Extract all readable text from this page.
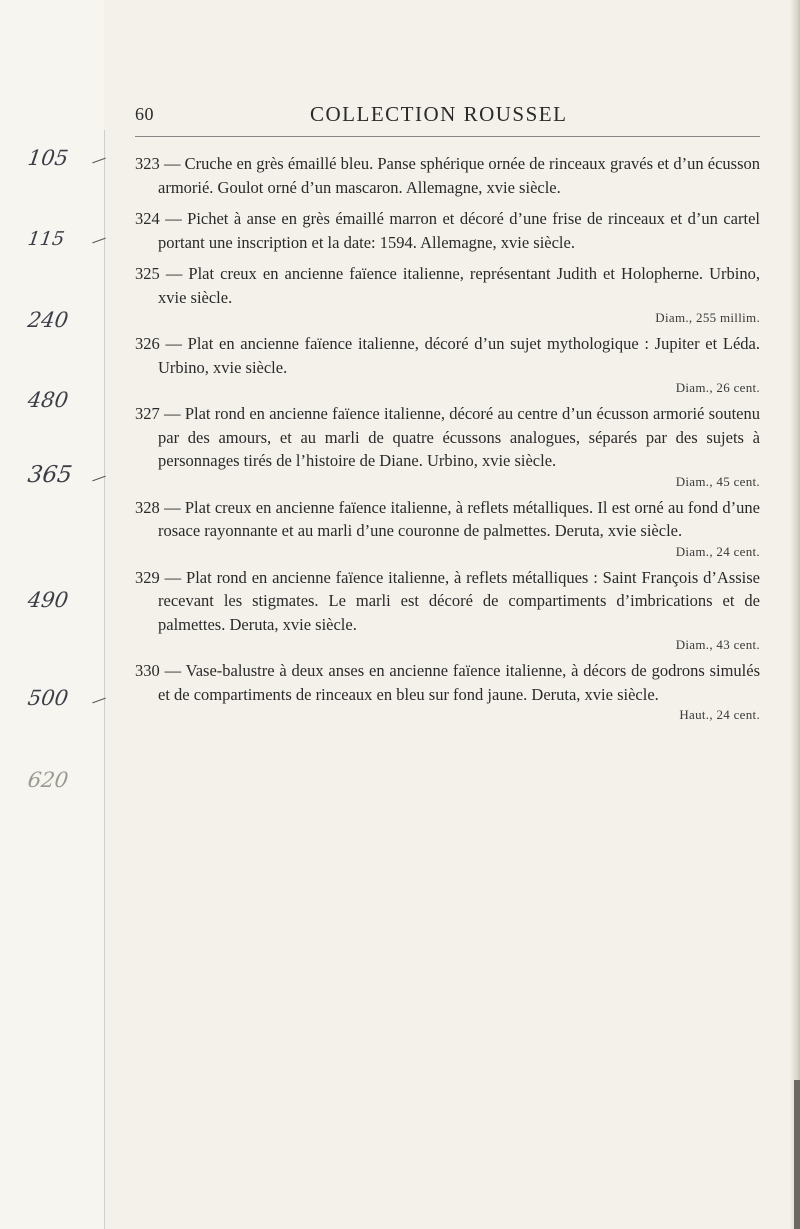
60	COLLECTION ROUSSEL
105
115
240
480
365
490
500
620

323 — Cruche en grès émaillé bleu. Panse sphérique ornée de rinceaux gravés et d’un écusson armorié. Goulot orné d’un mascaron. Allemagne, xvie siècle.

324 — Pichet à anse en grès émaillé marron et décoré d’une frise de rinceaux et d’un cartel portant une inscription et la date: 1594. Allemagne, xvie siècle.

325 — Plat creux en ancienne faïence italienne, représentant Judith et Holopherne. Urbino, xvie siècle.

Diam., 255 millim.

326 — Plat en ancienne faïence italienne, décoré d’un sujet mythologique : Jupiter et Léda. Urbino, xvie siècle.

Diam., 26 cent.

327 — Plat rond en ancienne faïence italienne, décoré au centre d’un écusson armorié soutenu par des amours, et au marli de quatre écussons analogues, séparés par des sujets à personnages tirés de l’histoire de Diane. Urbino, xvie siècle.

Diam., 45 cent.

328 — Plat creux en ancienne faïence italienne, à reflets métalliques. Il est orné au fond d’une rosace rayonnante et au marli d’une couronne de palmettes. Deruta, xvie siècle.

Diam., 24 cent.

329 — Plat rond en ancienne faïence italienne, à reflets métalliques : Saint François d’Assise recevant les stigmates. Le marli est décoré de compartiments d’imbrications et de palmettes. Deruta, xvie siècle.

Diam., 43 cent.

330 — Vase-balustre à deux anses en ancienne faïence italienne, à décors de godrons simulés et de compartiments de rinceaux en bleu sur fond jaune. Deruta, xvie siècle.

Haut., 24 cent.
